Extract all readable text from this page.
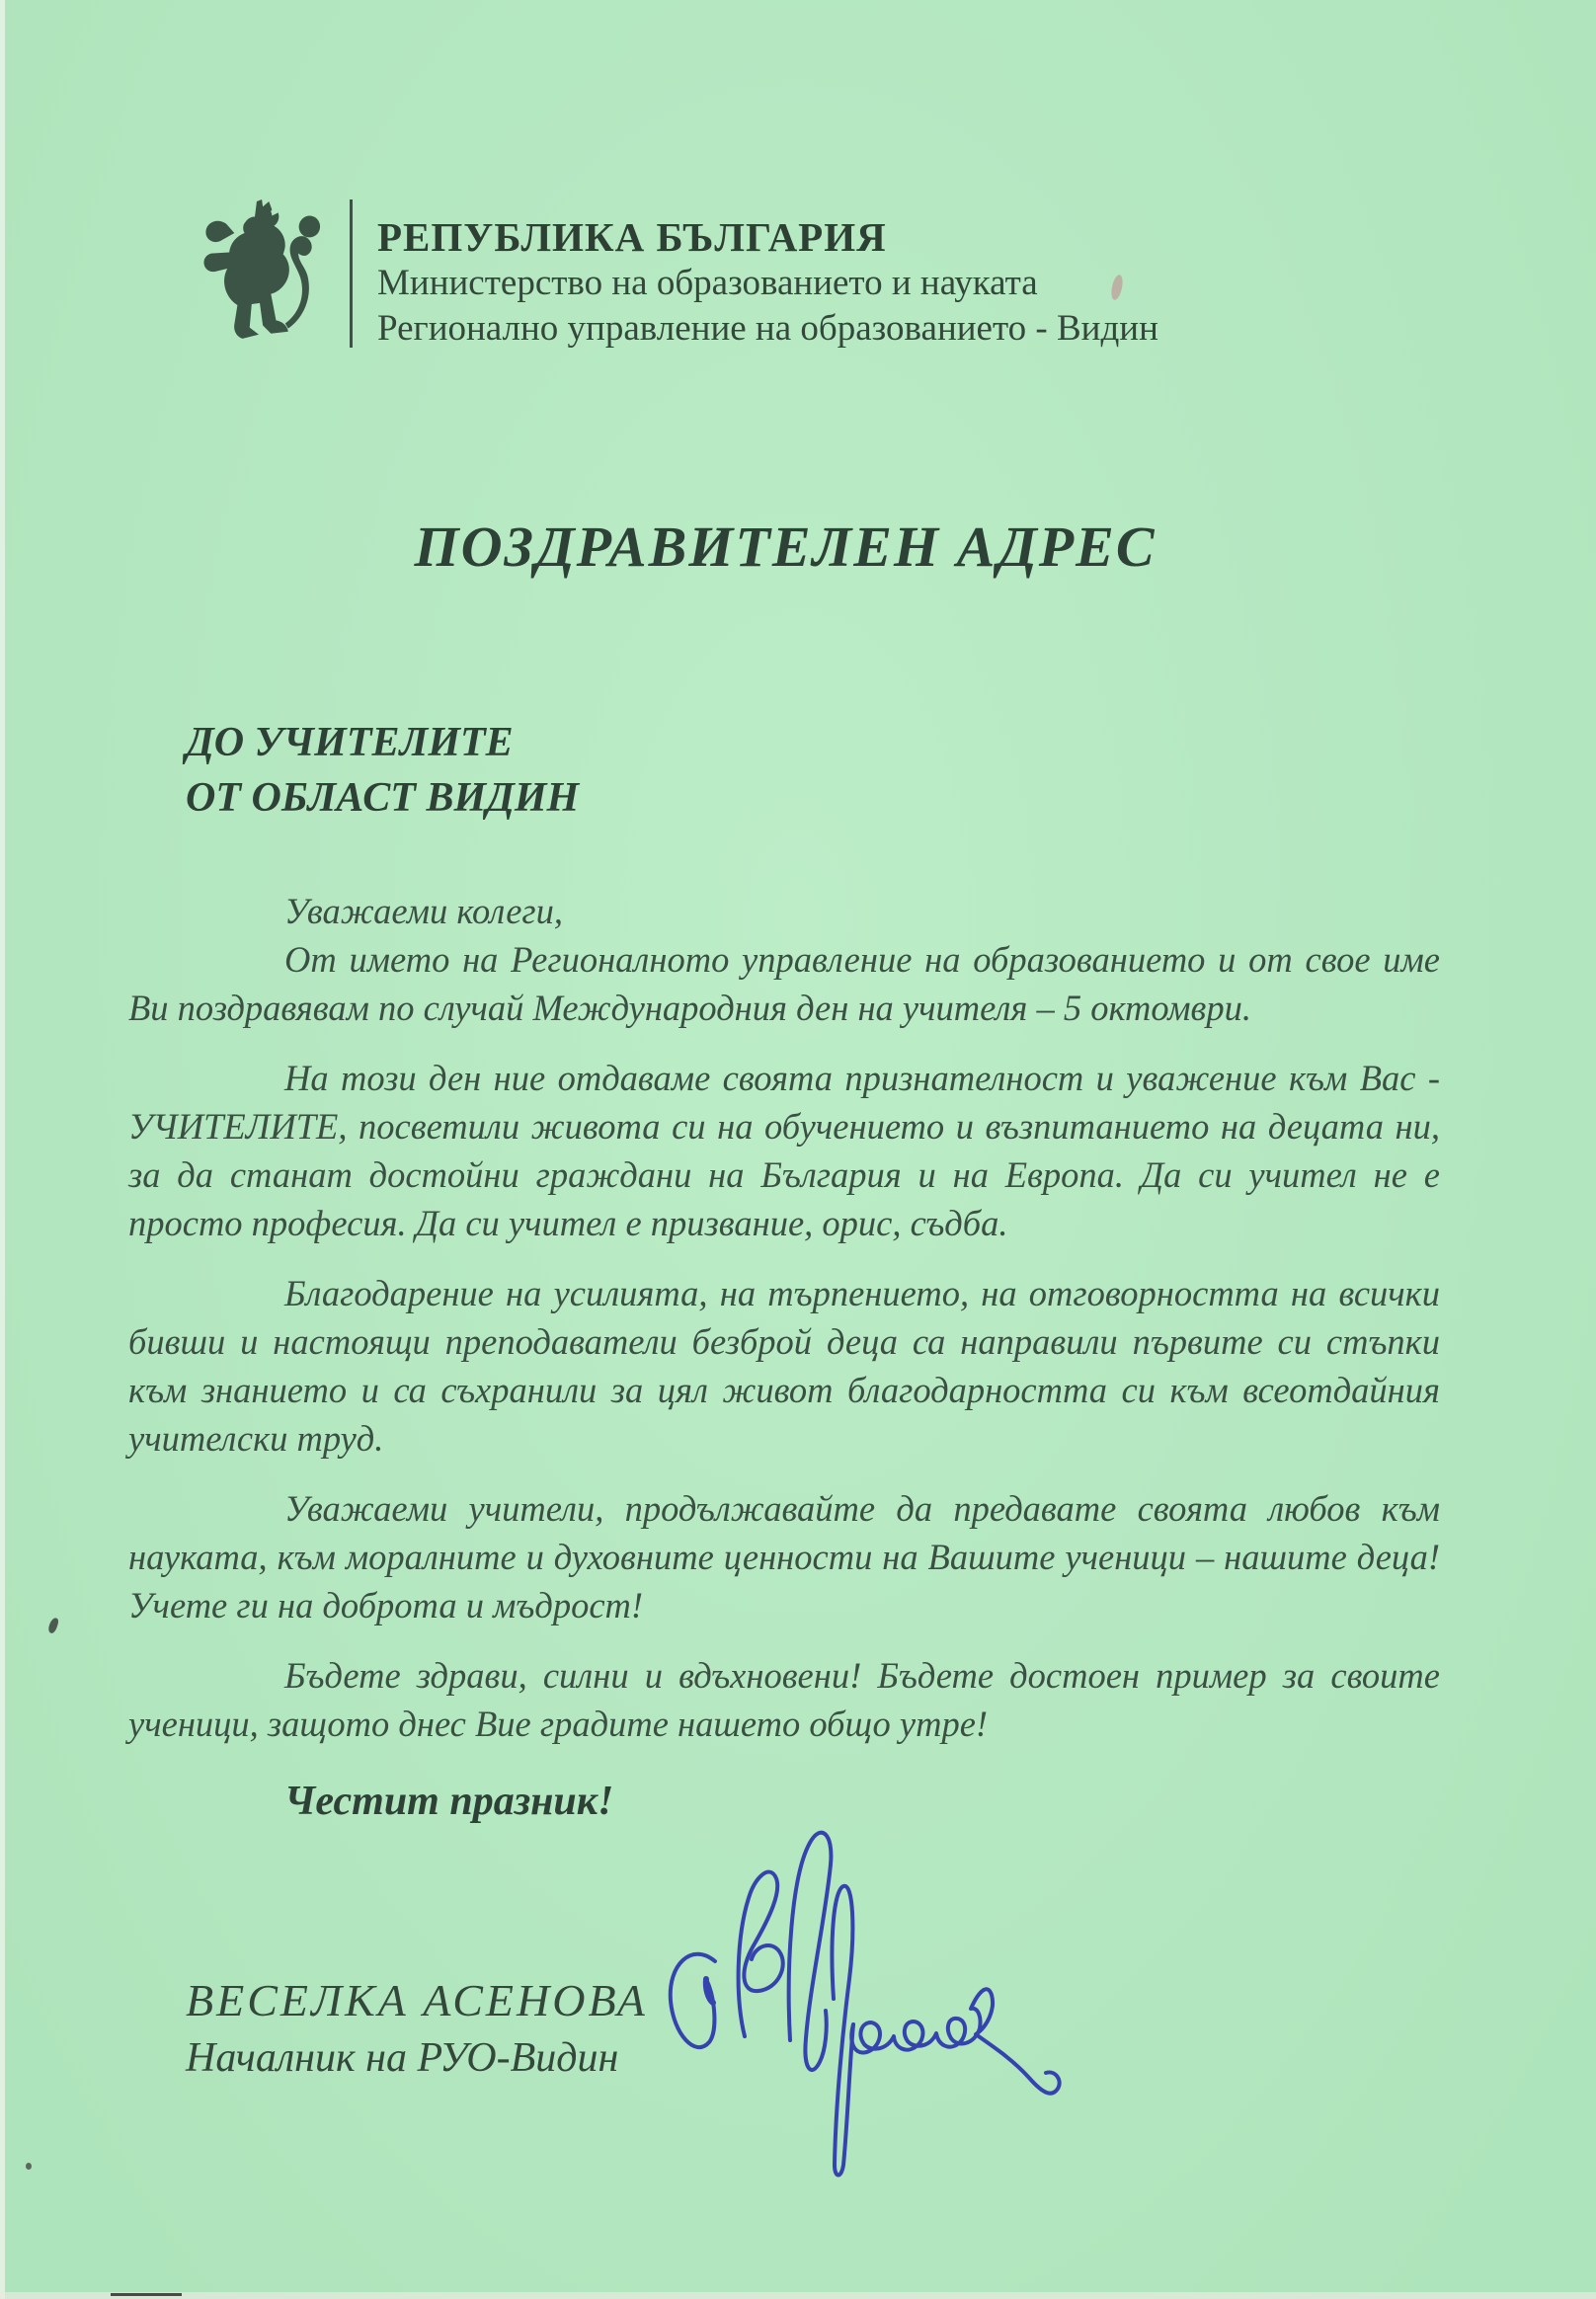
РЕПУБЛИКА БЪЛГАРИЯ
Министерство на образованието и науката
Регионално управление на образованието - Видин
ПОЗДРАВИТЕЛЕН АДРЕС
ДО УЧИТЕЛИТЕ
ОТ ОБЛАСТ ВИДИН

Уважаеми колеги,

От името на Регионалното управление на образованието и от свое име Ви поздравявам по случай Международния ден на учителя – 5 октомври.

На този ден ние отдаваме своята признателност и уважение към Вас - УЧИТЕЛИТЕ, посветили живота си на обучението и възпитанието на децата ни, за да станат достойни граждани на България и на Европа. Да си учител не е просто професия. Да си учител е призвание, орис, съдба.

Благодарение на усилията, на търпението, на отговорността на всички бивши и настоящи преподаватели безброй деца са направили първите си стъпки към знанието и са съхранили за цял живот благодарността си към всеотдайния учителски труд.

Уважаеми учители, продължавайте да предавате своята любов към науката, към моралните и духовните ценности на Вашите ученици – нашите деца! Учете ги на доброта и мъдрост!

Бъдете здрави, силни и вдъхновени! Бъдете достоен пример за своите ученици, защото днес Вие градите нашето общо утре!

Честит празник!
ВЕСЕЛКА АСЕНОВА
Началник на РУО-Видин
